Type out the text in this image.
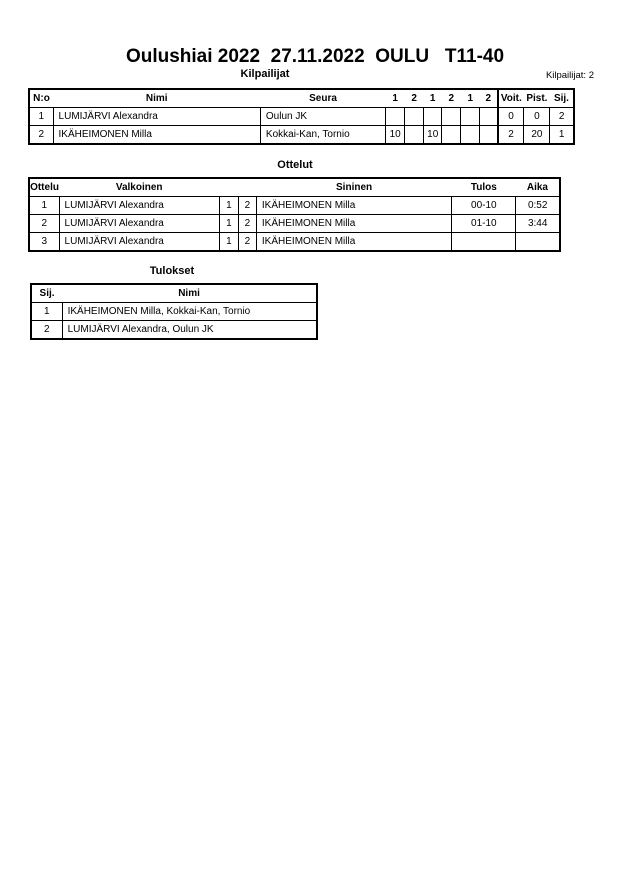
Oulushiai 2022  27.11.2022  OULU   T11-40
Kilpailijat	Kilpailijat: 2
N:o	Nimi	Seura	1	2	1	2	1	2	Voit.	Pist.	Sij.
1	LUMIJÄRVI Alexandra	Oulun JK							0	0	2
2	IKÄHEIMONEN Milla	Kokkai-Kan, Tornio	10		10				2	20	1
Ottelut
Ottelu	Valkoinen			Sininen	Tulos	Aika
1	LUMIJÄRVI Alexandra	1	2	IKÄHEIMONEN Milla	00-10	0:52
2	LUMIJÄRVI Alexandra	1	2	IKÄHEIMONEN Milla	01-10	3:44
3	LUMIJÄRVI Alexandra	1	2	IKÄHEIMONEN Milla		
Tulokset
Sij.	Nimi
1	IKÄHEIMONEN Milla, Kokkai-Kan, Tornio
2	LUMIJÄRVI Alexandra, Oulun JK
